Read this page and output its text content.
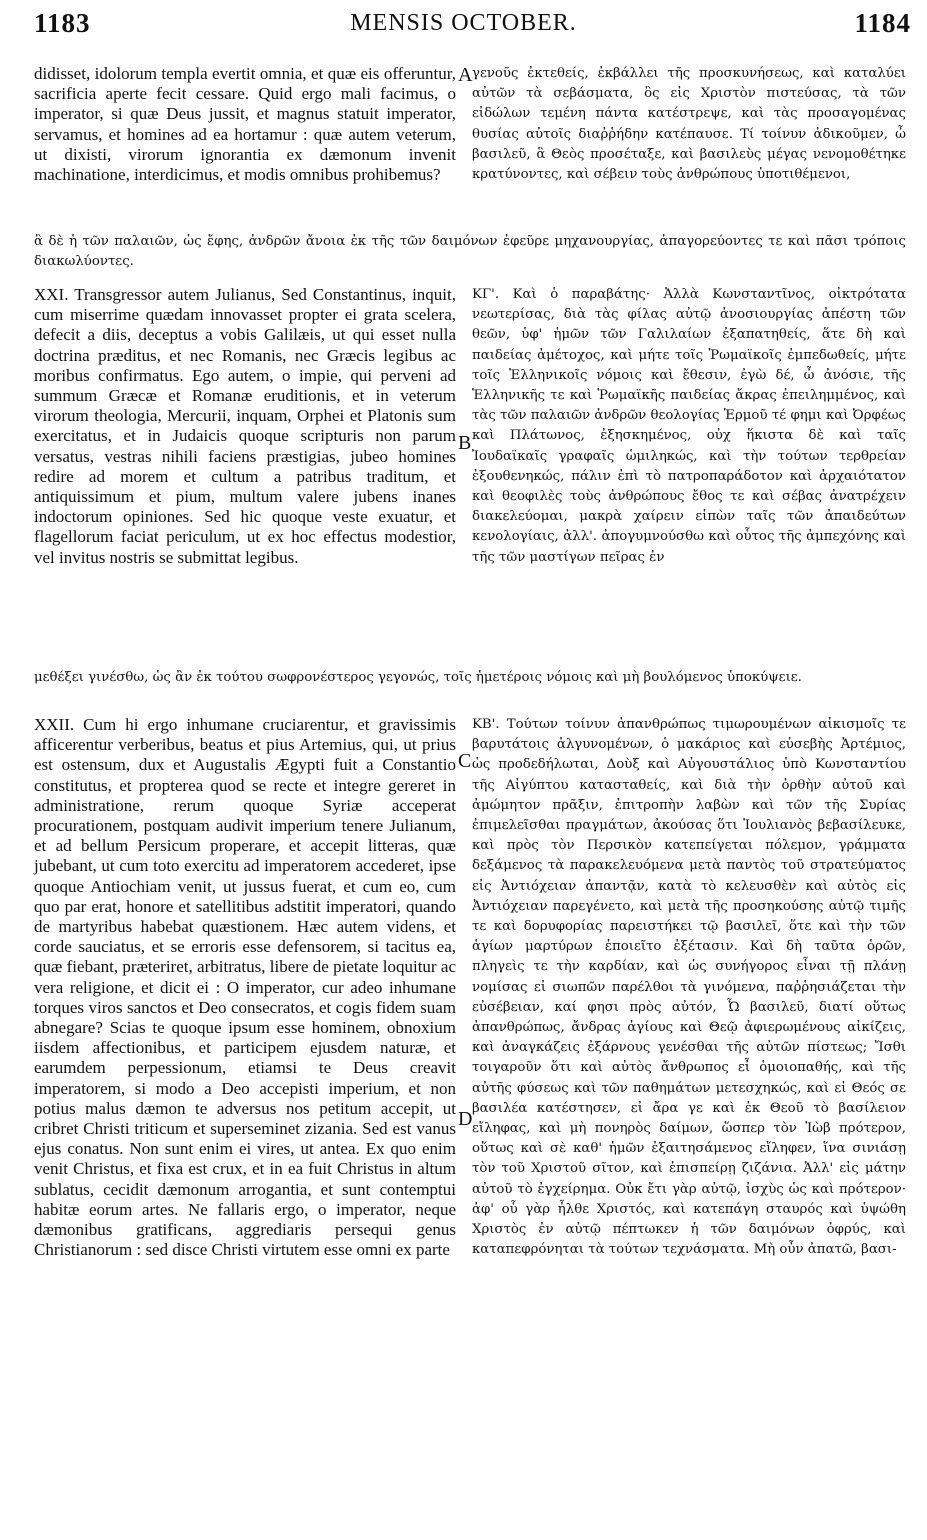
1183	MENSIS OCTOBER.	1184

didisset, idolorum templa evertit omnia, et quæ eis offeruntur, sacrificia aperte fecit cessare. Quid ergo mali facimus, o imperator, si quæ Deus jussit, et magnus statuit imperator, servamus, et homines ad ea hortamur : quæ autem veterum, ut dixisti, virorum ignorantia ex dæmonum invenit machinatione, interdicimus, et modis omnibus prohibemus?

γενοῦς ἐκτεθείς, ἐκβάλλει τῆς προσκυνήσεως, καὶ καταλύει αὐτῶν τὰ σεβάσματα, ὃς εἰς Χριστὸν πιστεύσας, τὰ τῶν εἰδώλων τεμένη πάντα κατέστρεψε, καὶ τὰς προσαγομένας θυσίας αὐτοῖς διαῤῥήδην κατέπαυσε. Τί τοίνυν ἀδικοῦμεν, ὦ βασιλεῦ, ἃ Θεὸς προσέταξε, καὶ βασιλεὺς μέγας νενομοθέτηκε κρατύνοντες, καὶ σέβειν τοὺς ἀνθρώπους ὑποτιθέμενοι,

ἃ δὲ ἡ τῶν παλαιῶν, ὡς ἔφης, ἀνδρῶν ἄνοια ἐκ τῆς τῶν δαιμόνων ἐφεῦρε μηχανουργίας, ἀπαγορεύοντες τε καὶ πᾶσι τρόποις διακωλύοντες.

XXI. Transgressor autem Julianus, Sed Constantinus, inquit, cum miserrime quædam innovasset propter ei grata scelera, defecit a diis, deceptus a vobis Galilæis, ut qui esset nulla doctrina præditus, et nec Romanis, nec Græcis legibus ac moribus confirmatus. Ego autem, o impie, qui perveni ad summum Græcæ et Romanæ eruditionis, et in veterum virorum theologia, Mercurii, inquam, Orphei et Platonis sum exercitatus, et in Judaicis quoque scripturis non parum versatus, vestras nihili faciens præstigias, jubeo homines redire ad morem et cultum a patribus traditum, et antiquissimum et pium, multum valere jubens inanes indoctorum opiniones. Sed hic quoque veste exuatur, et flagellorum faciat periculum, ut ex hoc effectus modestior, vel invitus nostris se submittat legibus.

ΚΓ'. Καὶ ὁ παραβάτης· Ἀλλὰ Κωνσταντῖνος, οἰκτρότατα νεωτερίσας, διὰ τὰς φίλας αὐτῷ ἀνοσιουργίας ἀπέστη τῶν θεῶν, ὑφ' ἡμῶν τῶν Γαλιλαίων ἐξαπατηθείς, ἅτε δὴ καὶ παιδείας ἀμέτοχος, καὶ μήτε τοῖς Ῥωμαϊκοῖς ἐμπεδωθείς, μήτε τοῖς Ἑλληνικοῖς νόμοις καὶ ἔθεσιν, ἐγὼ δέ, ὦ ἀνόσιε, τῆς Ἑλληνικῆς τε καὶ Ῥωμαϊκῆς παιδείας ἄκρας ἐπειλημμένος, καὶ τὰς τῶν παλαιῶν ἀνδρῶν θεολογίας Ἑρμοῦ τέ φημι καὶ Ὀρφέως καὶ Πλάτωνος, ἐξησκημένος, οὐχ ἥκιστα δὲ καὶ ταῖς Ἰουδαϊκαῖς γραφαῖς ὡμιληκώς, καὶ τὴν τούτων τερθρείαν ἐξουθενηκώς, πάλιν ἐπὶ τὸ πατροπαράδοτον καὶ ἀρχαιότατον καὶ θεοφιλὲς τοὺς ἀνθρώπους ἔθος τε καὶ σέβας ἀνατρέχειν διακελεύομαι, μακρὰ χαίρειν εἰπὼν ταῖς τῶν ἀπαιδεύτων κενολογίαις, ἀλλ'. ἀπογυμνούσθω καὶ οὗτος τῆς ἀμπεχόνης καὶ τῆς τῶν μαστίγων πεῖρας ἐν

μεθέξει γινέσθω, ὡς ἂν ἐκ τούτου σωφρονέστερος γεγονώς, τοῖς ἡμετέροις νόμοις καὶ μὴ βουλόμενος ὑποκύψειε.

XXII. Cum hi ergo inhumane cruciarentur, et gravissimis afficerentur verberibus, beatus et pius Artemius, qui, ut prius est ostensum, dux et Augustalis Ægypti fuit a Constantio constitutus, et propterea quod se recte et integre gereret in administratione, rerum quoque Syriæ acceperat procurationem, postquam audivit imperium tenere Julianum, et ad bellum Persicum properare, et accepit litteras, quæ jubebant, ut cum toto exercitu ad imperatorem accederet, ipse quoque Antiochiam venit, ut jussus fuerat, et cum eo, cum quo par erat, honore et satellitibus adstitit imperatori, quando de martyribus habebat quæstionem. Hæc autem videns, et corde sauciatus, et se erroris esse defensorem, si tacitus ea, quæ fiebant, præteriret, arbitratus, libere de pietate loquitur ac vera religione, et dicit ei : O imperator, cur adeo inhumane torques viros sanctos et Deo consecratos, et cogis fidem suam abnegare? Scias te quoque ipsum esse hominem, obnoxium iisdem affectionibus, et participem ejusdem naturæ, et earumdem perpessionum, etiamsi te Deus creavit imperatorem, si modo a Deo accepisti imperium, et non potius malus dæmon te adversus nos petitum accepit, ut cribret Christi triticum et superseminet zizania. Sed est vanus ejus conatus. Non sunt enim ei vires, ut antea. Ex quo enim venit Christus, et fixa est crux, et in ea fuit Christus in altum sublatus, cecidit dæmonum arrogantia, et sunt contemptui habitæ eorum artes. Ne fallaris ergo, o imperator, neque dæmonibus gratificans, aggrediaris persequi genus Christianorum : sed disce Christi virtutem esse omni ex parte

ΚΒ'. Τούτων τοίνυν ἀπανθρώπως τιμωρουμένων αἰκισμοῖς τε βαρυτάτοις ἀλγυνομένων, ὁ μακάριος καὶ εὐσεβὴς Ἀρτέμιος, ὡς προδεδήλωται, Δοὺξ καὶ Αὐγουστάλιος ὑπὸ Κωνσταντίου τῆς Αἰγύπτου κατασταθείς, καὶ διὰ τὴν ὀρθὴν αὐτοῦ καὶ ἀμώμητον πρᾶξιν, ἐπιτροπὴν λαβὼν καὶ τῶν τῆς Συρίας ἐπιμελεῖσθαι πραγμάτων, ἀκούσας ὅτι Ἰουλιανὸς βεβασίλευκε, καὶ πρὸς τὸν Περσικὸν κατεπείγεται πόλεμον, γράμματα δεξάμενος τὰ παρακελευόμενα μετὰ παντὸς τοῦ στρατεύματος εἰς Ἀντιόχειαν ἀπαντᾷν, κατὰ τὸ κελευσθὲν καὶ αὐτὸς εἰς Ἀντιόχειαν παρεγένετο, καὶ μετὰ τῆς προσηκούσης αὐτῷ τιμῆς τε καὶ δορυφορίας παρειστήκει τῷ βασιλεῖ, ὅτε καὶ τὴν τῶν ἁγίων μαρτύρων ἐποιεῖτο ἐξέτασιν. Καὶ δὴ ταῦτα ὁρῶν, πληγεὶς τε τὴν καρδίαν, καὶ ὡς συνήγορος εἶναι τῇ πλάνῃ νομίσας εἰ σιωπῶν παρέλθοι τὰ γινόμενα, παῤῥησιάζεται τὴν εὐσέβειαν, καί φησι πρὸς αὐτόν, Ὦ βασιλεῦ, διατί οὕτως ἀπανθρώπως, ἄνδρας ἁγίους καὶ Θεῷ ἀφιερωμένους αἰκίζεις, καὶ ἀναγκάζεις ἐξάρνους γενέσθαι τῆς αὐτῶν πίστεως; Ἴσθι τοιγαροῦν ὅτι καὶ αὐτὸς ἄνθρωπος εἶ ὁμοιοπαθής, καὶ τῆς αὐτῆς φύσεως καὶ τῶν παθημάτων μετεσχηκώς, καὶ εἰ Θεός σε βασιλέα κατέστησεν, εἰ ἄρα γε καὶ ἐκ Θεοῦ τὸ βασίλειον εἴληφας, καὶ μὴ πονηρὸς δαίμων, ὥσπερ τὸν Ἰὼβ πρότερον, οὕτως καὶ σὲ καθ' ἡμῶν ἐξαιτησάμενος εἴληφεν, ἵνα σινιάσῃ τὸν τοῦ Χριστοῦ σῖτον, καὶ ἐπισπείρῃ ζιζάνια. Ἀλλ' εἰς μάτην αὐτοῦ τὸ ἐγχείρημα. Οὐκ ἔτι γὰρ αὐτῷ, ἰσχὺς ὡς καὶ πρότερον· ἀφ' οὗ γὰρ ἦλθε Χριστός, καὶ κατεπάγη σταυρός καὶ ὑψώθη Χριστὸς ἐν αὐτῷ πέπτωκεν ἡ τῶν δαιμόνων ὀφρύς, καὶ καταπεφρόνηται τὰ τούτων τεχνάσματα. Μὴ οὖν ἀπατῶ, βασι-

A
B
C
D
